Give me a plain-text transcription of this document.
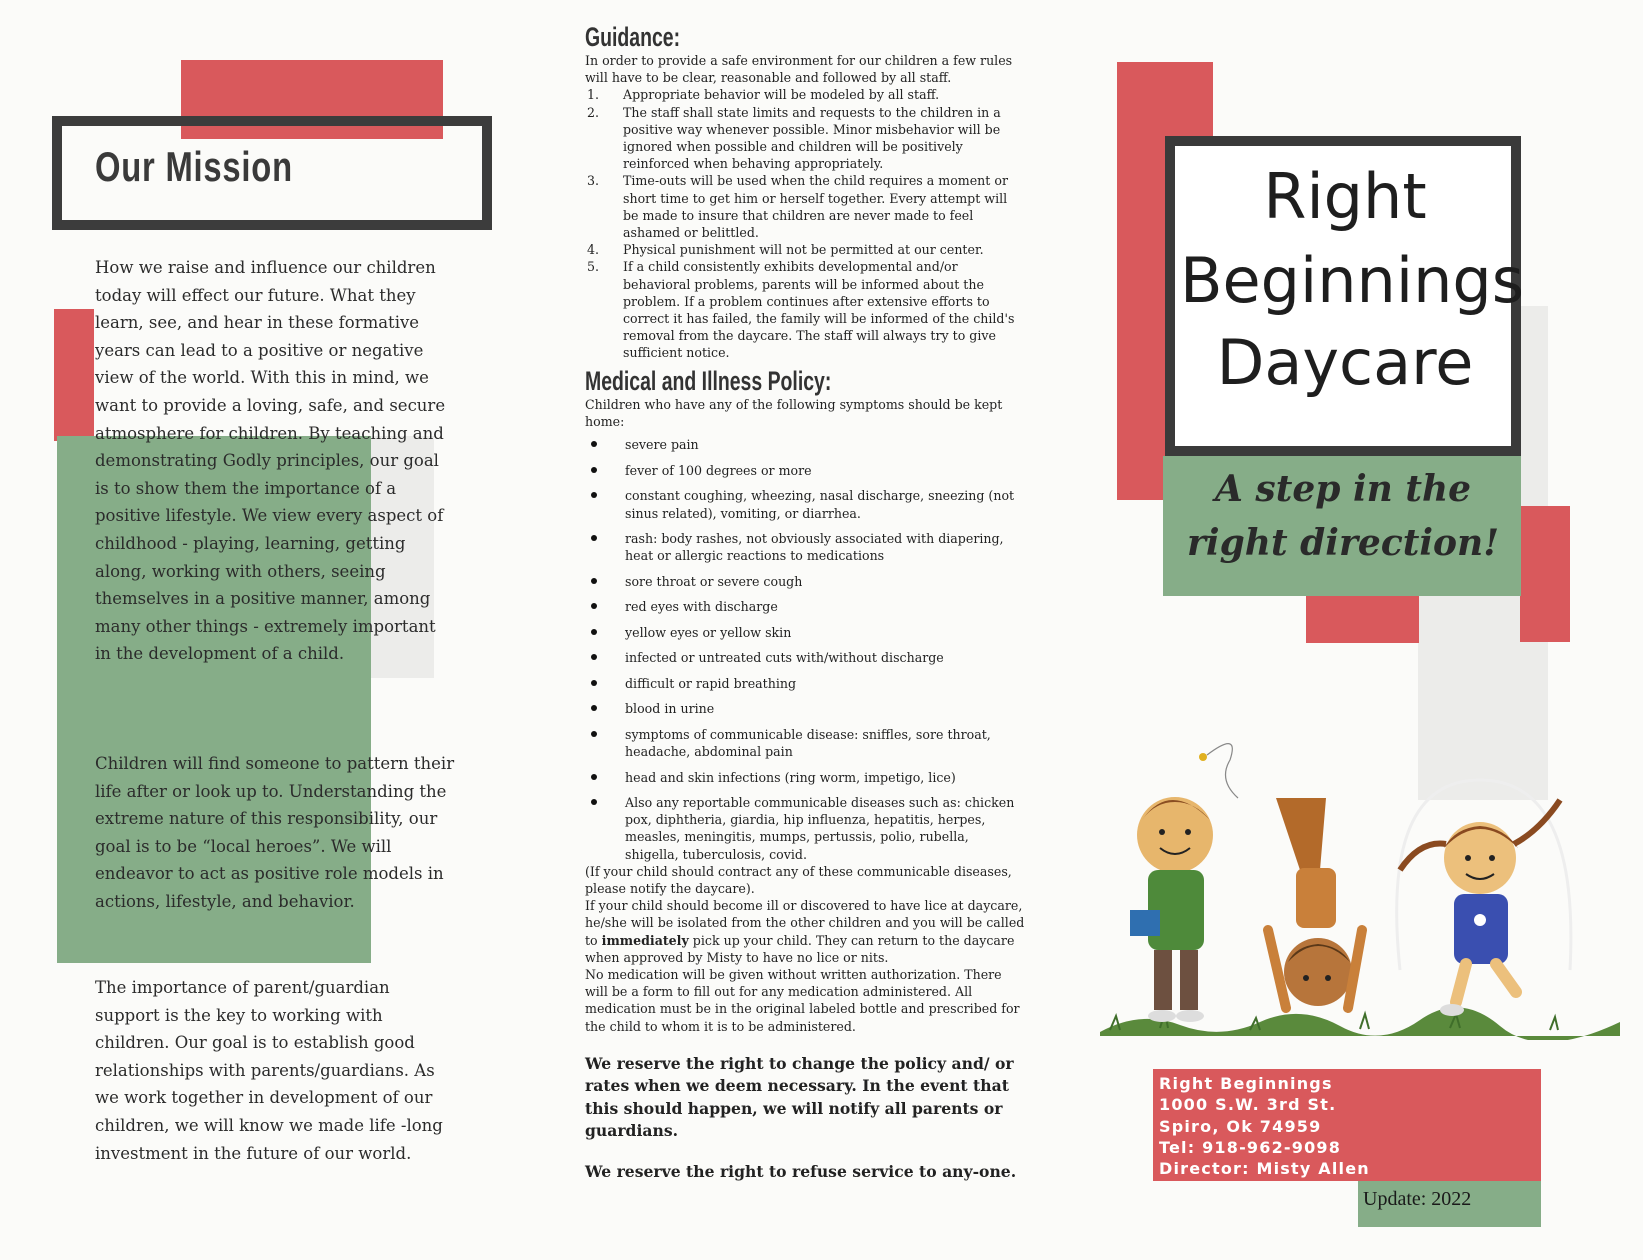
Our Mission

How we raise and influence our children today will effect our future. What they learn, see, and hear in these formative years can lead to a positive or negative view of the world. With this in mind, we want to provide a loving, safe, and secure atmosphere for children. By teaching and demonstrating Godly principles, our goal is to show them the importance of a positive lifestyle. We view every aspect of childhood - playing, learning, getting along, working with others, seeing themselves in a positive manner, among many other things - extremely important in the development of a child.

Children will find someone to pattern their life after or look up to. Understanding the extreme nature of this responsibility, our goal is to be “local heroes”. We will endeavor to act as positive role models in actions, lifestyle, and behavior.

The importance of parent/guardian support is the key to working with children. Our goal is to establish good relationships with parents/guardians. As we work together in development of our children, we will know we made life -long investment in the future of our world.

Guidance:

In order to provide a safe environment for our children a few rules will have to be clear, reasonable and followed by all staff.

1. Appropriate behavior will be modeled by all staff.
2. The staff shall state limits and requests to the children in a positive way whenever possible. Minor misbehavior will be ignored when possible and children will be positively reinforced when behaving appropriately.
3. Time-outs will be used when the child requires a moment or short time to get him or herself together. Every attempt will be made to insure that children are never made to feel ashamed or belittled.
4. Physical punishment will not be permitted at our center.
5. If a child consistently exhibits developmental and/or behavioral problems, parents will be informed about the problem. If a problem continues after extensive efforts to correct it has failed, the family will be informed of the child's removal from the daycare. The staff will always try to give sufficient notice.
Medical and Illness Policy:

Children who have any of the following symptoms should be kept home:

severe pain
fever of 100 degrees or more
constant coughing, wheezing, nasal discharge, sneezing (not sinus related), vomiting, or diarrhea.
rash: body rashes, not obviously associated with diapering, heat or allergic reactions to medications
sore throat or severe cough
red eyes with discharge
yellow eyes or yellow skin
infected or untreated cuts with/without discharge
difficult or rapid breathing
blood in urine
symptoms of communicable disease: sniffles, sore throat, headache, abdominal pain
head and skin infections (ring worm, impetigo, lice)
Also any reportable communicable diseases such as: chicken pox, diphtheria, giardia, hip influenza, hepatitis, herpes, measles, meningitis, mumps, pertussis, polio, rubella, shigella, tuberculosis, covid.

(If your child should contract any of these communicable diseases, please notify the daycare).

If your child should become ill or discovered to have lice at daycare, he/she will be isolated from the other children and you will be called to immediately pick up your child. They can return to the daycare when approved by Misty to have no lice or nits.

No medication will be given without written authorization. There will be a form to fill out for any medication administered. All medication must be in the original labeled bottle and prescribed for the child to whom it is to be administered.

We reserve the right to change the policy and/ or rates when we deem necessary. In the event that this should happen, we will notify all parents or guardians.

We reserve the right to refuse service to any-one.

Right
Beginnings
Daycare
A step in the right direction!
Right Beginnings
1000 S.W. 3rd St.
Spiro, Ok 74959
Tel: 918-962-9098
Director: Misty Allen
Update: 2022
